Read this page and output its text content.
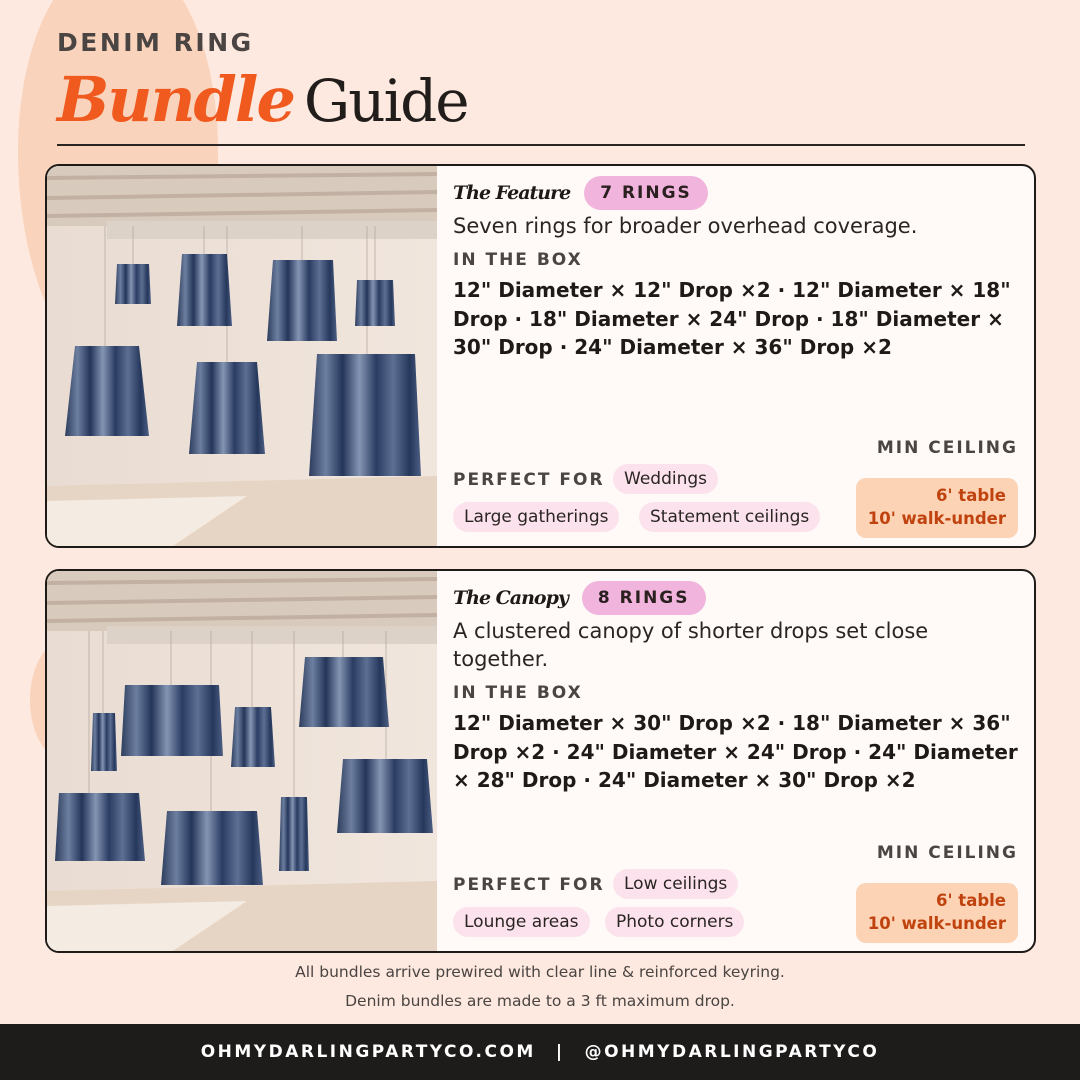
DENIM RING
Bundle Guide
The Feature	7 RINGS
Seven rings for broader overhead coverage.
IN THE BOX
12" Diameter × 12" Drop ×2 · 12" Diameter × 18" Drop · 18" Diameter × 24" Drop · 18" Diameter × 30" Drop · 24" Diameter × 36" Drop ×2
PERFECT FOR	Weddings
Large gatherings	Statement ceilings
MIN CEILING
6' table
10' walk-under
The Canopy	8 RINGS
A clustered canopy of shorter drops set close together.
IN THE BOX
12" Diameter × 30" Drop ×2 · 18" Diameter × 36" Drop ×2 · 24" Diameter × 24" Drop · 24" Diameter × 28" Drop · 24" Diameter × 30" Drop ×2
PERFECT FOR	Low ceilings
Lounge areas	Photo corners
MIN CEILING
6' table
10' walk-under
All bundles arrive prewired with clear line & reinforced keyring.
Denim bundles are made to a 3 ft maximum drop.
OHMYDARLINGPARTYCO.COM | @OHMYDARLINGPARTYCO
